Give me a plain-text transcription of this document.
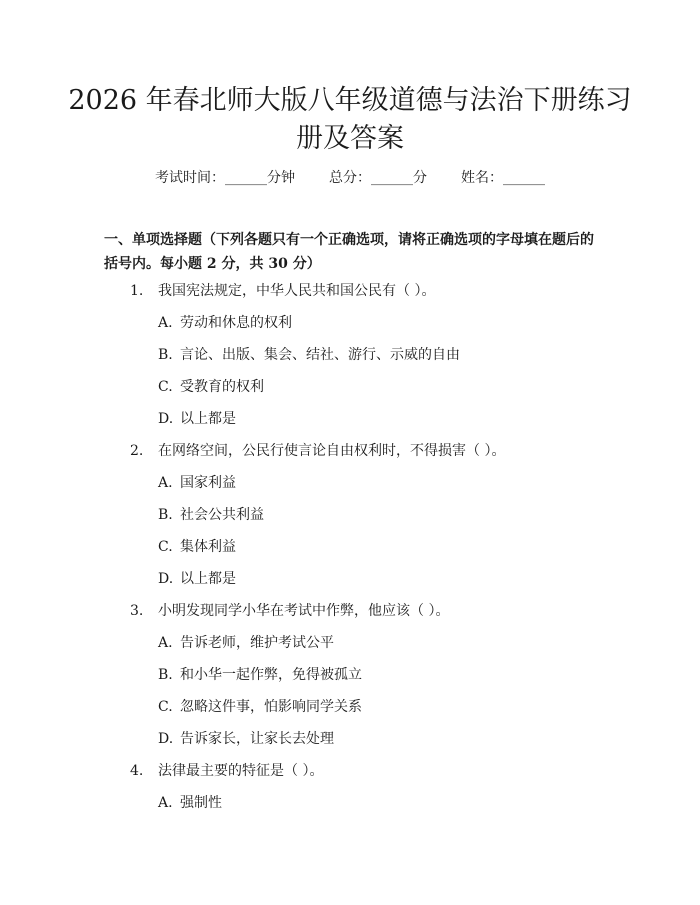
2026 年春北师大版八年级道德与法治下册练习册及答案
考试时间：______分钟 总分：______分 姓名：______

一、单项选择题（下列各题只有一个正确选项，请将正确选项的字母填在题后的括号内。每小题 2 分，共 30 分）

1. 我国宪法规定，中华人民共和国公民有（ ）。
A. 劳动和休息的权利
B. 言论、出版、集会、结社、游行、示威的自由
C. 受教育的权利
D. 以上都是
2. 在网络空间，公民行使言论自由权利时，不得损害（ ）。
A. 国家利益
B. 社会公共利益
C. 集体利益
D. 以上都是
3. 小明发现同学小华在考试中作弊，他应该（ ）。
A. 告诉老师，维护考试公平
B. 和小华一起作弊，免得被孤立
C. 忽略这件事，怕影响同学关系
D. 告诉家长，让家长去处理
4. 法律最主要的特征是（ ）。
A. 强制性
